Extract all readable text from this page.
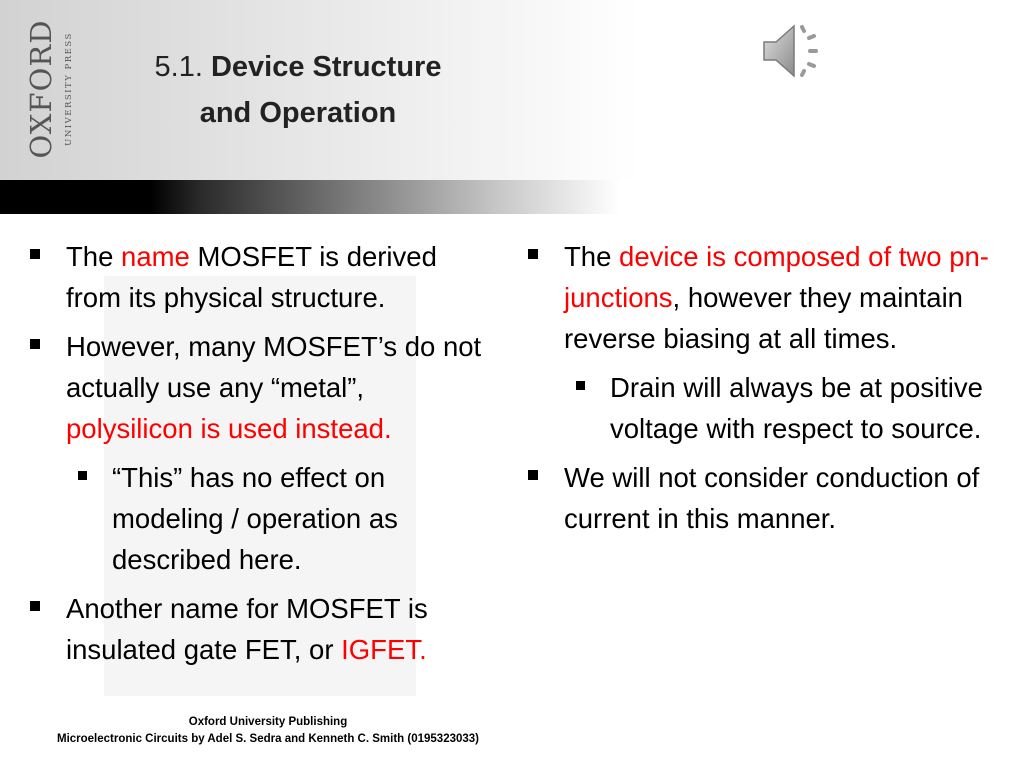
OXFORD UNIVERSITY PRESS	5.1. Device Structure
and Operation
The name MOSFET is derived from its physical structure.
However, many MOSFET’s do not actually use any “metal”, polysilicon is used instead.
“This” has no effect on modeling / operation as described here.
Another name for MOSFET is insulated gate FET, or IGFET.
The device is composed of two pn-junctions, however they maintain reverse biasing at all times.
Drain will always be at positive voltage with respect to source.
We will not consider conduction of current in this manner.
Oxford University Publishing
Microelectronic Circuits by Adel S. Sedra and Kenneth C. Smith (0195323033)
